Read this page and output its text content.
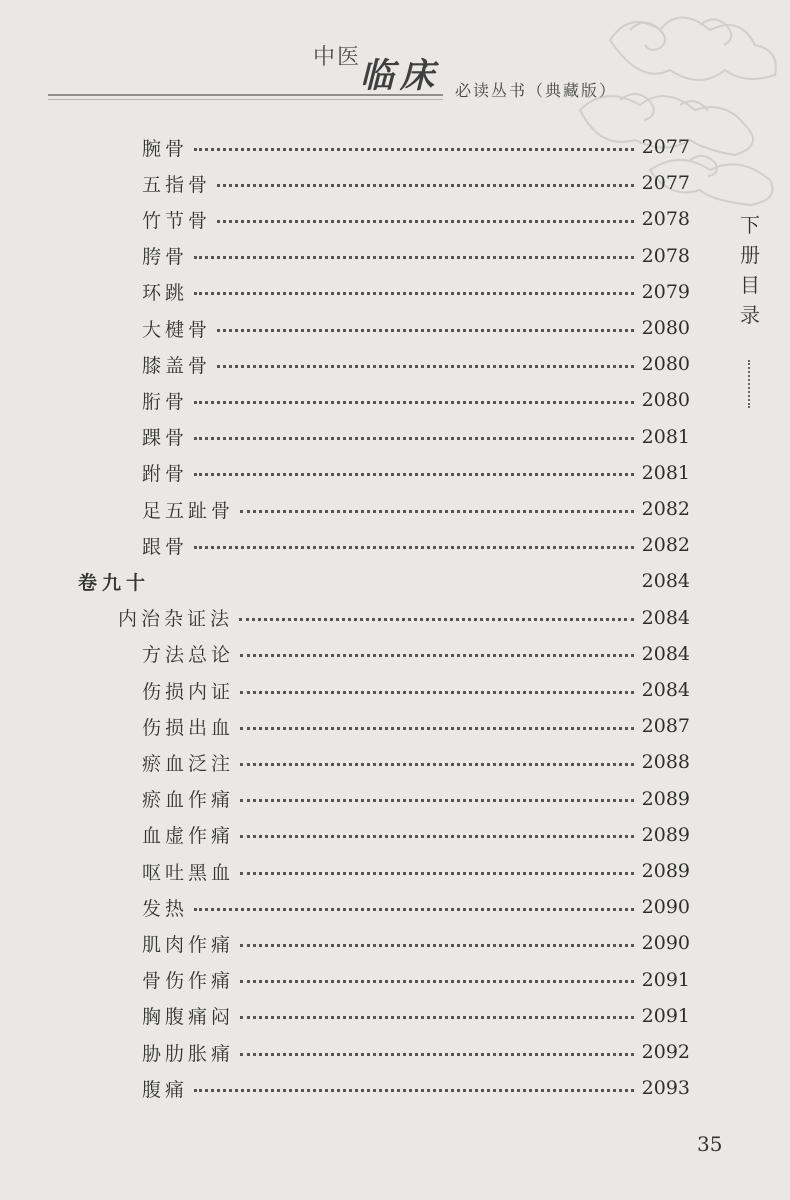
中医
临床 必读丛书（典藏版）
下
册
目
录
腕骨	2077
五指骨	2077
竹节骨	2078
胯骨	2078
环跳	2079
大楗骨	2080
膝盖骨	2080
胻骨	2080
踝骨	2081
跗骨	2081
足五趾骨	2082
跟骨	2082
卷九十	2084
内治杂证法	2084
方法总论	2084
伤损内证	2084
伤损出血	2087
瘀血泛注	2088
瘀血作痛	2089
血虚作痛	2089
呕吐黑血	2089
发热	2090
肌肉作痛	2090
骨伤作痛	2091
胸腹痛闷	2091
胁肋胀痛	2092
腹痛	2093
35
